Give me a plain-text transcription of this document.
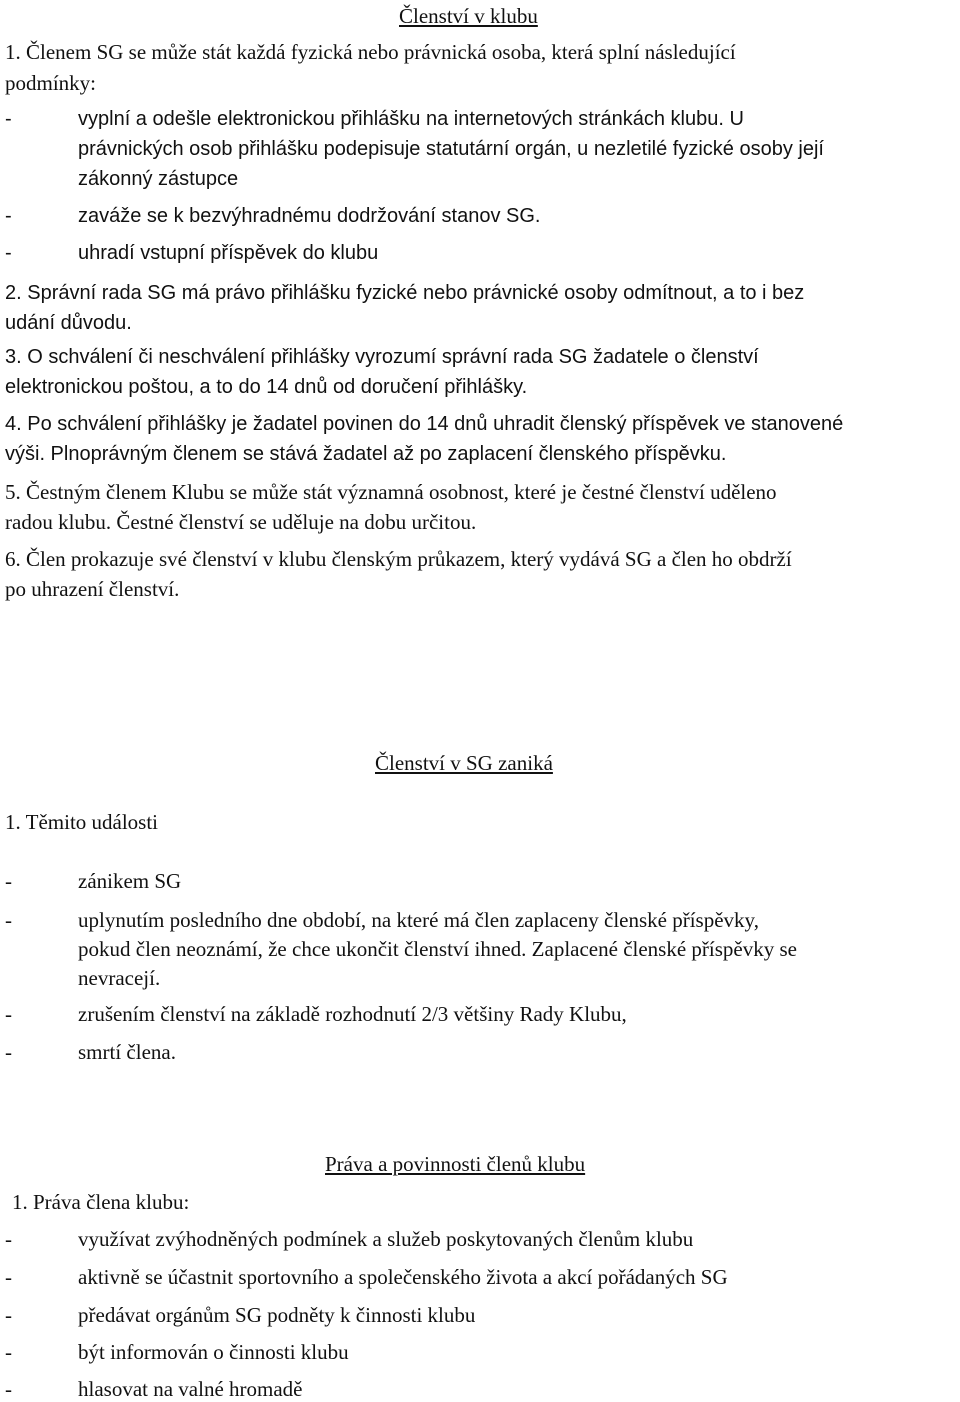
Členství v klubu
1. Členem SG se může stát každá fyzická nebo právnická osoba, která splní následující
podmínky:
-	vyplní a odešle elektronickou přihlášku na internetových stránkách klubu. U
právnických osob přihlášku podepisuje statutární orgán, u nezletilé fyzické osoby její
zákonný zástupce
-	zaváže se k bezvýhradnému dodržování stanov SG.
-	uhradí vstupní příspěvek do klubu
2. Správní rada SG má právo přihlášku fyzické nebo právnické osoby odmítnout, a to i bez
udání důvodu.
3. O schválení či neschválení přihlášky vyrozumí správní rada SG žadatele o členství
elektronickou poštou, a to do 14 dnů od doručení přihlášky.
4. Po schválení přihlášky je žadatel povinen do 14 dnů uhradit členský příspěvek ve stanovené
výši. Plnoprávným členem se stává žadatel až po zaplacení členského příspěvku.
5. Čestným členem Klubu se může stát významná osobnost, které je čestné členství uděleno
radou klubu. Čestné členství se uděluje na dobu určitou.
6. Člen prokazuje své členství v klubu členským průkazem, který vydává SG a člen ho obdrží
po uhrazení členství.
Členství v SG zaniká
1. Těmito události
-	zánikem SG
-	uplynutím posledního dne období, na které má člen zaplaceny členské příspěvky,
pokud člen neoznámí, že chce ukončit členství ihned. Zaplacené členské příspěvky se
nevracejí.
-	zrušením členství na základě rozhodnutí 2/3 většiny Rady Klubu,
-	smrtí člena.
Práva a povinnosti členů klubu
1. Práva člena klubu:
-	využívat zvýhodněných podmínek a služeb poskytovaných členům klubu
-	aktivně se účastnit sportovního a společenského života a akcí pořádaných SG
-	předávat orgánům SG podněty k činnosti klubu
-	být informován o činnosti klubu
-	hlasovat na valné hromadě
